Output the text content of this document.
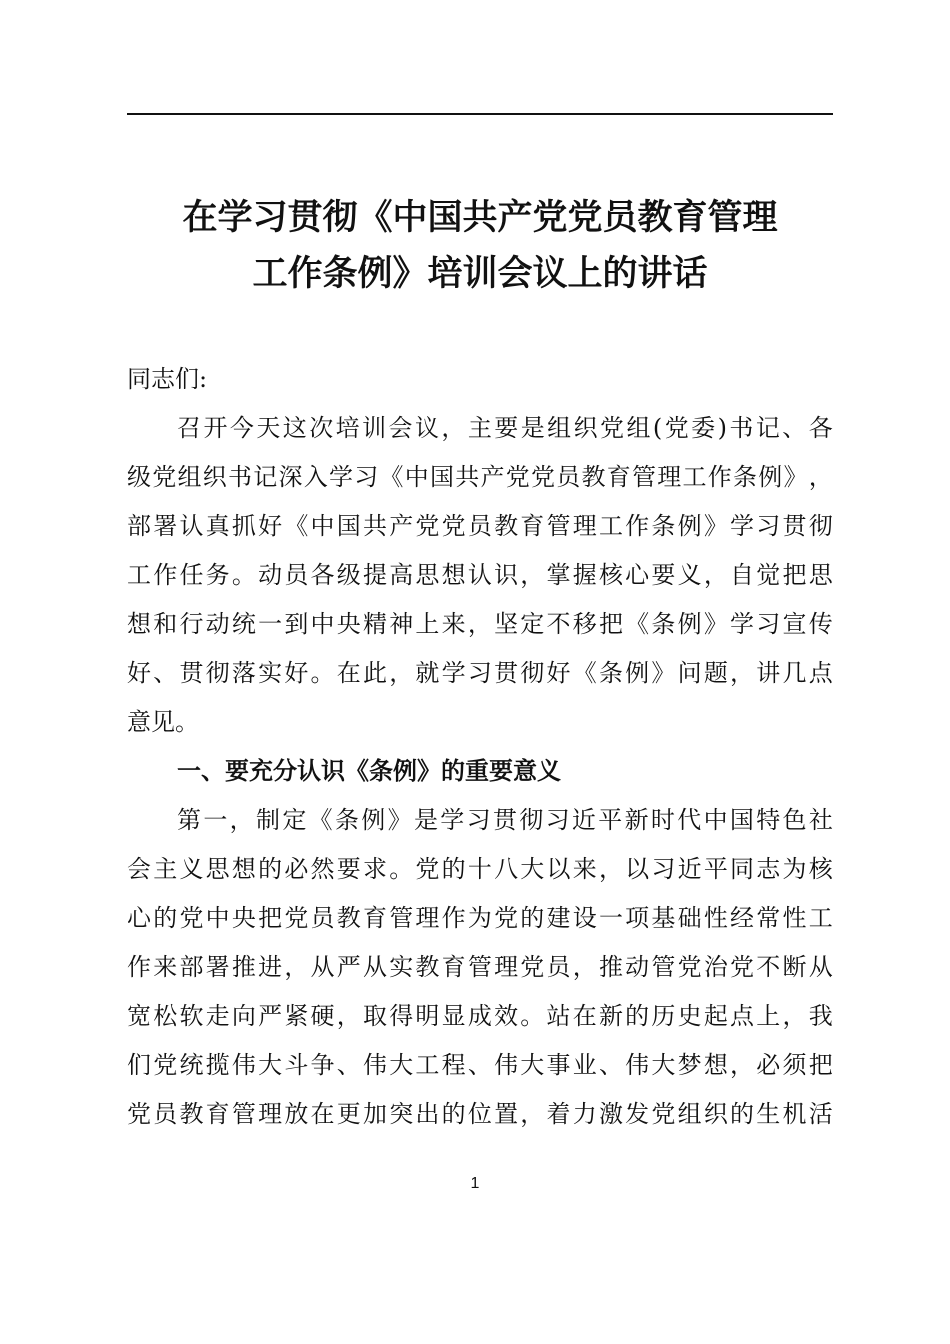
在学习贯彻《中国共产党党员教育管理
工作条例》培训会议上的讲话
同志们:
召 开 今 天 这 次 培 训 会 议 ， 主 要 是 组 织 党 组 ( 党 委 ) 书 记 、 各
级 党 组 织 书 记 深 入 学 习 《 中 国 共 产 党 党 员 教 育 管 理 工 作 条 例 》 ，
部 署 认 真 抓 好 《 中 国 共 产 党 党 员 教 育 管 理 工 作 条 例 》 学 习 贯 彻
工 作 任 务 。 动 员 各 级 提 高 思 想 认 识 ， 掌 握 核 心 要 义 ， 自 觉 把 思
想 和 行 动 统 一 到 中 央 精 神 上 来 ， 坚 定 不 移 把 《 条 例 》 学 习 宣 传
好 、 贯 彻 落 实 好 。 在 此 ， 就 学 习 贯 彻 好 《 条 例 》 问 题 ， 讲 几 点
意见。
一、要充分认识《条例》的重要意义
第 一 ， 制 定 《 条 例 》 是 学 习 贯 彻 习 近 平 新 时 代 中 国 特 色 社
会 主 义 思 想 的 必 然 要 求 。 党 的 十 八 大 以 来 ， 以 习 近 平 同 志 为 核
心 的 党 中 央 把 党 员 教 育 管 理 作 为 党 的 建 设 一 项 基 础 性 经 常 性 工
作 来 部 署 推 进 ， 从 严 从 实 教 育 管 理 党 员 ， 推 动 管 党 治 党 不 断 从
宽 松 软 走 向 严 紧 硬 ， 取 得 明 显 成 效 。 站 在 新 的 历 史 起 点 上 ， 我
们 党 统 揽 伟 大 斗 争 、 伟 大 工 程 、 伟 大 事 业 、 伟 大 梦 想 ， 必 须 把
党 员 教 育 管 理 放 在 更 加 突 出 的 位 置 ， 着 力 激 发 党 组 织 的 生 机 活
1
